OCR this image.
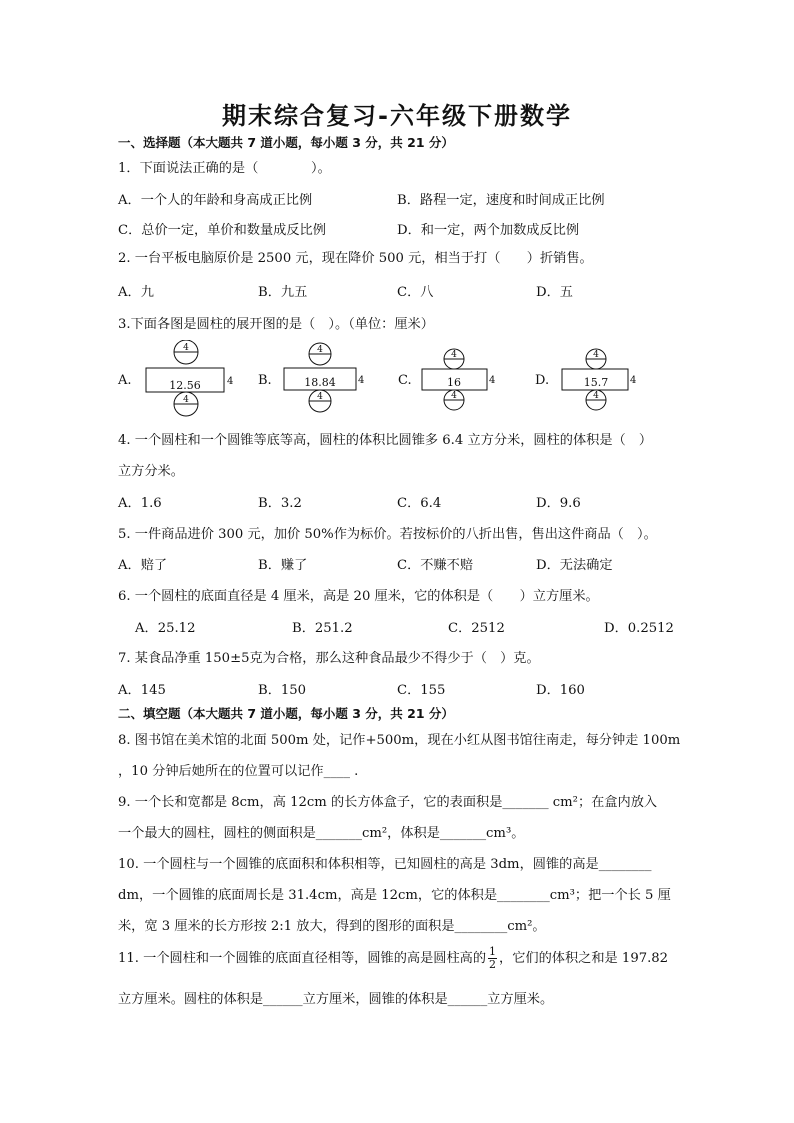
期末综合复习-六年级下册数学
一、选择题（本大题共 7 道小题，每小题 3 分，共 21 分）
1．下面说法正确的是（　　　　）。
A．一个人的年龄和身高成正比例	B．路程一定，速度和时间成正比例
C．总价一定，单价和数量成反比例	D．和一定，两个加数成反比例
2. 一台平板电脑原价是 2500 元，现在降价 500 元，相当于打（　　）折销售。
A．九	B．九五	C．八	D．五
3.下面各图是圆柱的展开图的是（　）。（单位：厘米）
A.
4
12.56	4
4
B.
4
18.84 4
4
C.
4
16	4
4
D.
4
15.7 4
4
4. 一个圆柱和一个圆锥等底等高，圆柱的体积比圆锥多 6.4 立方分米，圆柱的体积是（　）
立方分米。
A．1.6	B．3.2	C．6.4	D．9.6
5. 一件商品进价 300 元，加价 50%作为标价。若按标价的八折出售，售出这件商品（　）。
A．赔了	B．赚了	C．不赚不赔	D．无法确定
6. 一个圆柱的底面直径是 4 厘米，高是 20 厘米，它的体积是（　　）立方厘米。
A．25.12	B．251.2	C．2512	D．0.2512
7. 某食品净重 150±5克为合格，那么这种食品最少不得少于（　）克。
A．145	B．150	C．155	D．160
二、填空题（本大题共 7 道小题，每小题 3 分，共 21 分）
8. 图书馆在美术馆的北面 500m 处，记作+500m，现在小红从图书馆往南走，每分钟走 100m
，10 分钟后她所在的位置可以记作____ .
9. 一个长和宽都是 8cm，高 12cm 的长方体盒子，它的表面积是_______ cm²；在盒内放入
一个最大的圆柱，圆柱的侧面积是_______cm²，体积是_______cm³。
10. 一个圆柱与一个圆锥的底面积和体积相等，已知圆柱的高是 3dm，圆锥的高是________
dm，一个圆锥的底面周长是 31.4cm，高是 12cm，它的体积是________cm³；把一个长 5 厘
米，宽 3 厘米的长方形按 2:1 放大，得到的图形的面积是________cm²。
11. 一个圆柱和一个圆锥的底面直径相等，圆锥的高是圆柱高的 $\frac{1}{2}$ ，它们的体积之和是 197.82
立方厘米。圆柱的体积是______立方厘米，圆锥的体积是______立方厘米。
